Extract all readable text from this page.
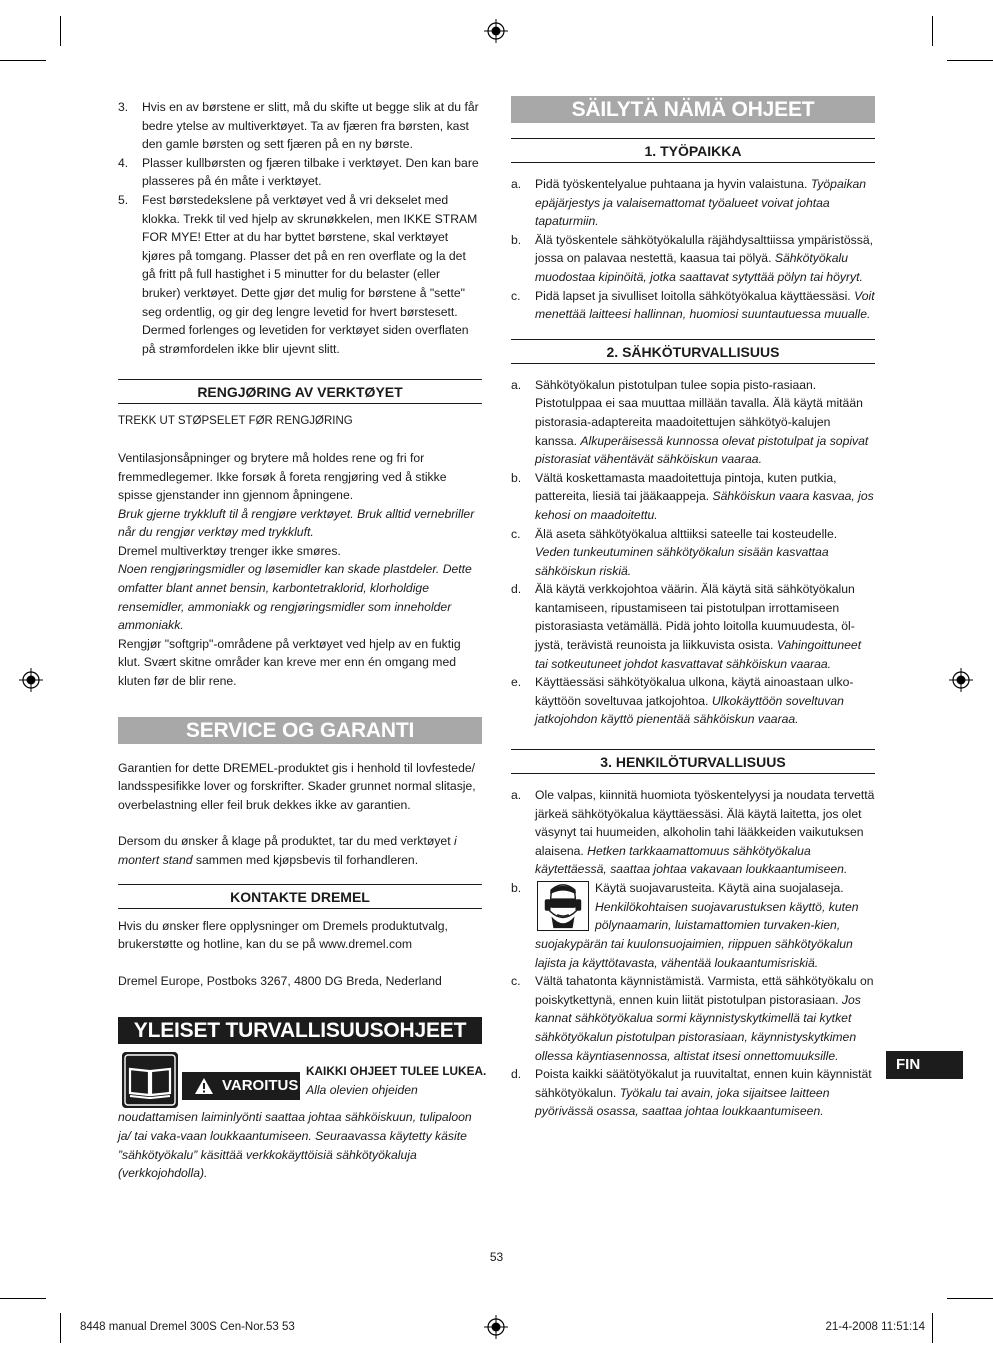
3. Hvis en av børstene er slitt, må du skifte ut begge slik at du får bedre ytelse av multiverktøyet. Ta av fjæren fra børsten, kast den gamle børsten og sett fjæren på en ny børste.
4. Plasser kullbørsten og fjæren tilbake i verktøyet. Den kan bare plasseres på én måte i verktøyet.
5. Fest børstedekslene på verktøyet ved å vri dekselet med klokka. Trekk til ved hjelp av skrunøkkelen, men IKKE STRAM FOR MYE! Etter at du har byttet børstene, skal verktøyet kjøres på tomgang. Plasser det på en ren overflate og la det gå fritt på full hastighet i 5 minutter for du belaster (eller bruker) verktøyet. Dette gjør det mulig for børstene å "sette" seg ordentlig, og gir deg lengre levetid for hvert børstesett. Dermed forlenges og levetiden for verktøyet siden overflaten på strømfordelen ikke blir ujevnt slitt.
RENGJØRING AV VERKTØYET

TREKK UT STØPSELET FØR RENGJØRING

Ventilasjonsåpninger og brytere må holdes rene og fri for fremmedlegemer. Ikke forsøk å foreta rengjøring ved å stikke spisse gjenstander inn gjennom åpningene.

Bruk gjerne trykkluft til å rengjøre verktøyet. Bruk alltid vernebriller når du rengjør verktøy med trykkluft.

Dremel multiverktøy trenger ikke smøres.

Noen rengjøringsmidler og løsemidler kan skade plastdeler. Dette omfatter blant annet bensin, karbontetraklorid, klorholdige rensemidler, ammoniakk og rengjøringsmidler som inneholder ammoniakk.

Rengjør "softgrip"-områdene på verktøyet ved hjelp av en fuktig klut. Svært skitne områder kan kreve mer enn én omgang med kluten før de blir rene.

SERVICE OG GARANTI

Garantien for dette DREMEL-produktet gis i henhold til lovfestede/ landsspesifikke lover og forskrifter. Skader grunnet normal slitasje, overbelastning eller feil bruk dekkes ikke av garantien.

Dersom du ønsker å klage på produktet, tar du med verktøyet i montert stand sammen med kjøpsbevis til forhandleren.

KONTAKTE DREMEL

Hvis du ønsker flere opplysninger om Dremels produktutvalg, brukerstøtte og hotline, kan du se på www.dremel.com

Dremel Europe, Postboks 3267, 4800 DG Breda, Nederland

YLEISET TURVALLISUUSOHJEET
VAROITUS
KAIKKI OHJEET TULEE LUKEA.
Alla olevien ohjeiden

noudattamisen laiminlyönti saattaa johtaa sähköiskuun, tulipaloon ja/ tai vaka-vaan loukkaantumiseen. Seuraavassa käytetty käsite ”sähkötyökalu” käsittää verkkokäyttöisiä sähkötyökaluja (verkkojohdolla).

SÄILYTÄ NÄMÄ OHJEET
1. TYÖPAIKKA
a. Pidä työskentelyalue puhtaana ja hyvin valaistuna. Työpaikan epäjärjestys ja valaisemattomat työalueet voivat johtaa tapaturmiin.
b. Älä työskentele sähkötyökalulla räjähdysalttiissa ympäristössä, jossa on palavaa nestettä, kaasua tai pölyä. Sähkötyökalu muodostaa kipinöitä, jotka saattavat sytyttää pölyn tai höyryt.
c. Pidä lapset ja sivulliset loitolla sähkötyökalua käyttäessäsi. Voit menettää laitteesi hallinnan, huomiosi suuntautuessa muualle.
2. SÄHKÖTURVALLISUUS
a. Sähkötyökalun pistotulpan tulee sopia pisto-rasiaan. Pistotulppaa ei saa muuttaa millään tavalla. Älä käytä mitään pistorasia-adaptereita maadoitettujen sähkötyö-kalujen kanssa. Alkuperäisessä kunnossa olevat pistotulpat ja sopivat pistorasiat vähentävät sähköiskun vaaraa.
b. Vältä koskettamasta maadoitettuja pintoja, kuten putkia, pattereita, liesiä tai jääkaappeja. Sähköiskun vaara kasvaa, jos kehosi on maadoitettu.
c. Älä aseta sähkötyökalua alttiiksi sateelle tai kosteudelle. Veden tunkeutuminen sähkötyökalun sisään kasvattaa sähköiskun riskiä.
d. Älä käytä verkkojohtoa väärin. Älä käytä sitä sähkötyökalun kantamiseen, ripustamiseen tai pistotulpan irrottamiseen pistorasiasta vetämällä. Pidä johto loitolla kuumuudesta, öl-jystä, terävistä reunoista ja liikkuvista osista. Vahingoittuneet tai sotkeutuneet johdot kasvattavat sähköiskun vaaraa.
e. Käyttäessäsi sähkötyökalua ulkona, käytä ainoastaan ulko-käyttöön soveltuvaa jatkojohtoa. Ulkokäyttöön soveltuvan jatkojohdon käyttö pienentää sähköiskun vaaraa.
3. HENKILÖTURVALLISUUS
a. Ole valpas, kiinnitä huomiota työskentelyysi ja noudata tervettä järkeä sähkötyökalua käyttäessäsi. Älä käytä laitetta, jos olet väsynyt tai huumeiden, alkoholin tahi lääkkeiden vaikutuksen alaisena. Hetken tarkkaamattomuus sähkötyökalua käytettäessä, saattaa johtaa vakavaan loukkaantumiseen.
b.	Käytä suojavarusteita. Käytä aina suojalaseja.
Henkilökohtaisen suojavarustuksen käyttö, kuten
pölynaamarin, luistamattomien turvaken-kien,
suojakypärän tai kuulonsuojaimien, riippuen sähkötyökalun lajista ja käyttötavasta, vähentää loukaantumisriskiä.
c. Vältä tahatonta käynnistämistä. Varmista, että sähkötyökalu on poiskytkettynä, ennen kuin liität pistotulpan pistorasiaan. Jos kannat sähkötyökalua sormi käynnistyskytkimellä tai kytket sähkötyökalun pistotulpan pistorasiaan, käynnistyskytkimen ollessa käyntiasennossa, altistat itsesi onnettomuuksille.
d. Poista kaikki säätötyökalut ja ruuvitaltat, ennen kuin käynnistät sähkötyökalun. Työkalu tai avain, joka sijaitsee laitteen pyörivässä osassa, saattaa johtaa loukkaantumiseen.
FIN
53
8448 manual Dremel 300S Cen-Nor.53 53	21-4-2008 11:51:14
